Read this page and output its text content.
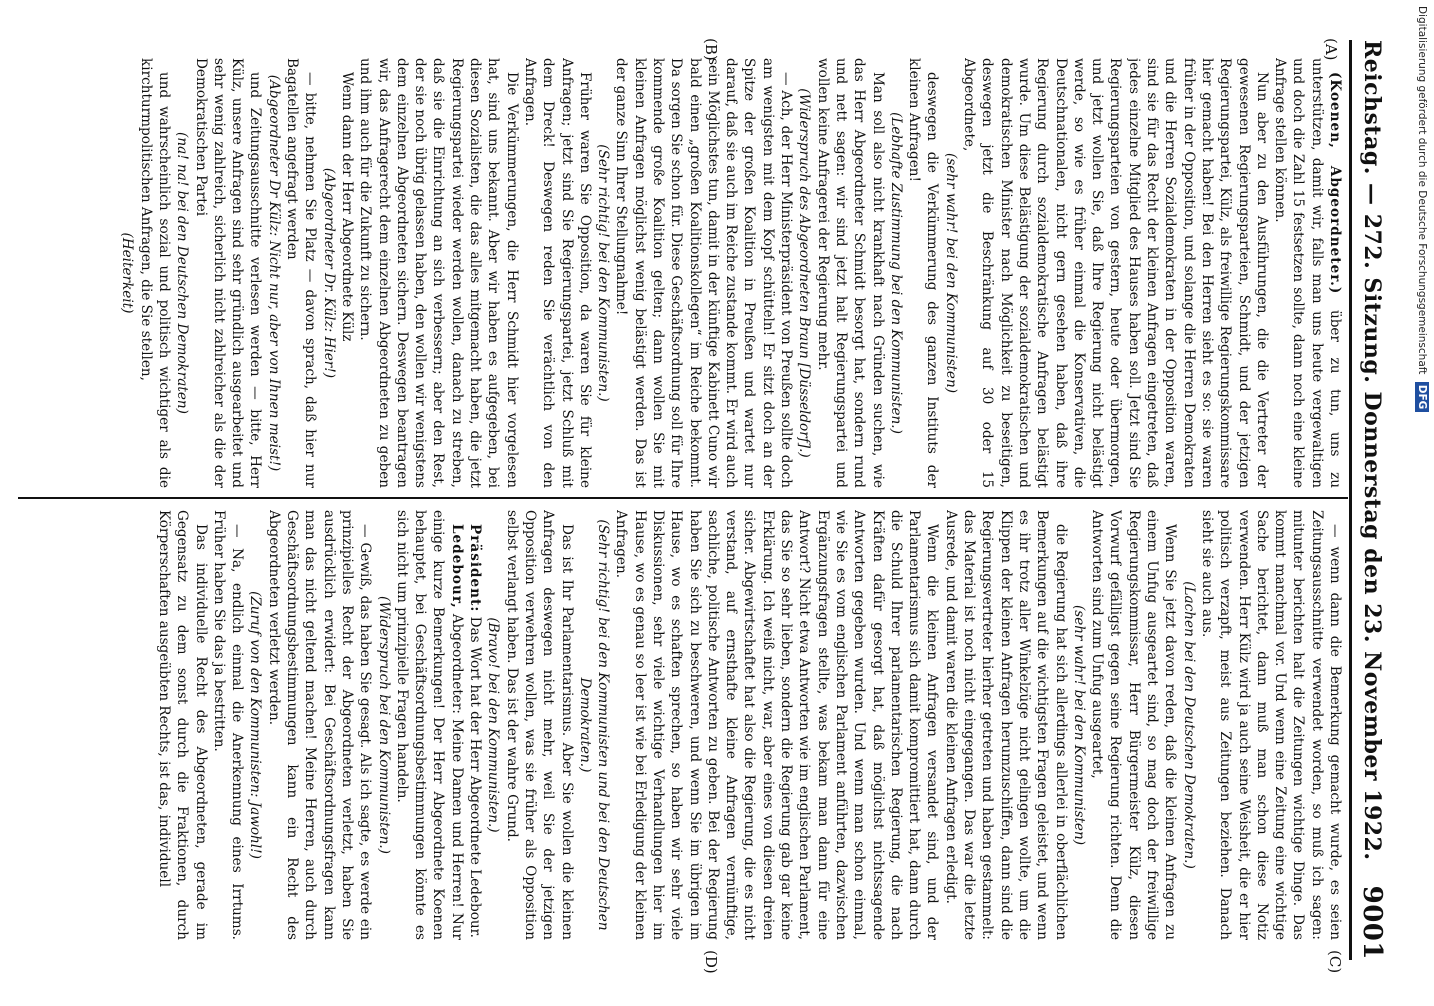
Reichstag. — 272. Sitzung. Donnerstag den 23. November 1922.
9001
(A)
(B)
(C)
(D)

(Koenen, Abgeordneter.) über zu tun, uns zu unterstützen, damit wir, falls man uns heute vergewaltigen und doch die Zahl 15 festsetzen sollte, dann noch eine kleine Anfrage stellen können.

Nun aber zu den Ausführungen, die die Vertreter der gewesenen Regierungsparteien, Schmidt, und der jetzigen Regierungspartei, Külz, als freiwillige Regierungskommissare hier gemacht haben! Bei den Herren sieht es so: sie waren früher in der Opposition, und solange die Herren Demokraten und die Herren Sozialdemokraten in der Opposition waren, sind sie für das Recht der kleinen Anfragen eingetreten, daß jedes einzelne Mitglied des Hauses haben soll. Jetzt sind Sie Regierungsparteien von gestern, heute oder übermorgen, und jetzt wollen Sie, daß Ihre Regierung nicht belästigt werde, so wie es früher einmal die Konservativen, die Deutschnationalen, nicht gern gesehen haben, daß ihre Regierung durch sozialdemokratische Anfragen belästigt wurde. Um diese Belästigung der sozialdemokratischen und demokratischen Minister nach Möglichkeit zu beseitigen, deswegen jetzt die Beschränkung auf 30 oder 15 Abgeordnete,

(sehr wahr! bei den Kommunisten)

deswegen die Verkümmerung des ganzen Instituts der kleinen Anfragen!

(Lebhafte Zustimmung bei den Kommunisten.)

Man soll also nicht krankhaft nach Gründen suchen, wie das Herr Abgeordneter Schmidt besorgt hat, sondern rund und nett sagen: wir sind jetzt halt Regierungspartei und wollen keine Anfragerei der Regierung mehr.

(Widerspruch des Abgeordneten Braun [Düsseldorf].)

— Ach, der Herr Ministerpräsident von Preußen sollte doch am wenigsten mit dem Kopf schütteln! Er sitzt doch an der Spitze der großen Koalition in Preußen und wartet nur darauf, daß sie auch im Reiche zustande kommt. Er wird auch sein Möglichstes tun, damit in der künftige Kabinett Cuno wir bald einen „großen Koalitionskollegen“ im Reiche bekommt. Da sorgen Sie schon für. Diese Geschäftsordnung soll für Ihre kommende große Koalition gelten; dann wollen Sie mit kleinen Anfragen möglichst wenig belästigt werden. Das ist der ganze Sinn Ihrer Stellungnahme!

(Sehr richtig! bei den Kommunisten.)

Früher waren Sie Opposition, da waren Sie für kleine Anfragen; jetzt sind Sie Regierungspartei, jetzt Schluß mit dem Dreck! Deswegen reden Sie verächtlich von den Anfragen.

Die Verkümmerungen, die Herr Schmidt hier vorgelesen hat, sind uns bekannt. Aber wir haben es aufgegeben, bei diesen Sozialisten, die das alles mitgemacht haben, die jetzt Regierungspartei wieder werden wollen, danach zu streben, daß sie die Einrichtung an sich verbessern; aber den Rest, der sie noch übrig gelassen haben, den wollen wir wenigstens dem einzelnen Abgeordneten sichern. Deswegen beantragen wir, das Anfragerecht dem einzelnen Abgeordneten zu geben und ihm auch für die Zukunft zu sichern.

Wenn dann der Herr Abgeordnete Külz

(Abgeordneter Dr. Külz: Hier!)

— bitte, nehmen Sie Platz — davon sprach, daß hier nur Bagatellen angefragt werden

(Abgeordneter Dr Külz: Nicht nur, aber von Ihnen meist!)

und Zeitungsausschnitte verlesen werden — bitte, Herr Külz, unsere Anfragen sind sehr gründlich ausgearbeitet und sehr wenig zahlreich, sicherlich nicht zahlreicher als die der Demokratischen Partei

(na! na! bei den Deutschen Demokraten)

und wahrscheinlich sozial und politisch wichtiger als die kirchturmpolitischen Anfragen, die Sie stellen,

(Heiterkeit)

— wenn dann die Bemerkung gemacht wurde, es seien Zeitungsausschnitte verwendet worden, so muß ich sagen: mitunter berichten halt die Zeitungen wichtige Dinge. Das kommt manchmal vor. Und wenn eine Zeitung eine wichtige Sache berichtet, dann muß man schon diese Notiz verwenden. Herr Külz wird ja auch seine Weisheit, die er hier politisch verzapft, meist aus Zeitungen beziehen. Danach sieht sie auch aus.

(Lachen bei den Deutschen Demokraten.)

Wenn Sie jetzt davon reden, daß die kleinen Anfragen zu einem Unfug ausgeartet sind, so mag doch der freiwillige Regierungskommissar, Herr Bürgermeister Külz, diesen Vorwurf gefälligst gegen seine Regierung richten. Denn die Antworten sind zum Unfug ausgeartet,

(sehr wahr! bei den Kommunisten)

die Regierung hat sich allerdings allerlei in oberflächlichen Bemerkungen auf die wichtigsten Fragen geleistet, und wenn es ihr trotz aller Winkelzüge nicht gelingen wollte, um die Klippen der kleinen Anfragen herumzuschiffen, dann sind die Regierungsvertreter hierher getreten und haben gestammelt: das Material ist noch nicht eingegangen. Das war die letzte Ausrede, und damit waren die kleinen Anfragen erledigt.

Wenn die kleinen Anfragen versandet sind, und der Parlamentarismus sich damit kompromittiert hat, dann durch die Schuld Ihrer parlamentarischen Regierung, die nach Kräften dafür gesorgt hat, daß möglichst nichtssagende Antworten gegeben wurden. Und wenn man schon einmal, wie Sie es vom englischen Parlament anführten, dazwischen Ergänzungsfragen stellte, was bekam man dann für eine Antwort? Nicht etwa Antworten wie im englischen Parlament, das Sie so sehr lieben, sondern die Regierung gab gar keine Erklärung. Ich weiß nicht, war, aber eines von diesen dreien sicher. Abgewirtschaftet hat also die Regierung, die es nicht verstand, auf ernsthafte kleine Anfragen vernünftige, sachliche, politische Antworten zu geben. Bei der Regierung haben Sie sich zu beschweren, und wenn Sie im übrigen im Hause, wo es schaften sprechen, so haben wir sehr viele Diskussionen, sehr viele wichtige Verhandlungen hier im Hause, wo es genau so leer ist wie bei Erledigung der kleinen Anfragen.

(Sehr richtig! bei den Kommunisten und bei den Deutschen Demokraten.)

Das ist Ihr Parlamentarismus. Aber Sie wollen die kleinen Anfragen deswegen nicht mehr, weil Sie der jetzigen Opposition verwehren wollen, was sie früher als Opposition selbst verlangt haben. Das ist der wahre Grund.

(Bravo! bei den Kommunisten.)

Präsident: Das Wort hat der Herr Abgeordnete Ledebour.

Ledebour, Abgeordneter: Meine Damen und Herren! Nur einige kurze Bemerkungen! Der Herr Abgeordnete Koenen behauptet, bei Geschäftsordnungsbestimmungen könnte es sich nicht um prinzipielle Fragen handeln.

(Widerspruch bei den Kommunisten.)

— Gewiß, das haben Sie gesagt. Als ich sagte, es werde ein prinzipielles Recht der Abgeordneten verletzt, haben Sie ausdrücklich erwidert: Bei Geschäftsordnungsfragen kann man das nicht geltend machen! Meine Herren, auch durch Geschäftsordnungsbestimmungen kann ein Recht des Abgeordneten verletzt werden.

(Zuruf von den Kommunisten: Jawohl!)

— Na, endlich einmal die Anerkennung eines Irrtums. Früher haben Sie das ja bestritten.

Das individuelle Recht des Abgeordneten, gerade im Gegensatz zu dem sonst durch die Fraktionen, durch Körperschaften ausgeübten Rechts, ist das, individuell

Digitalisierung gefördert durch die Deutsche Forschungsgemeinschaft DFG
